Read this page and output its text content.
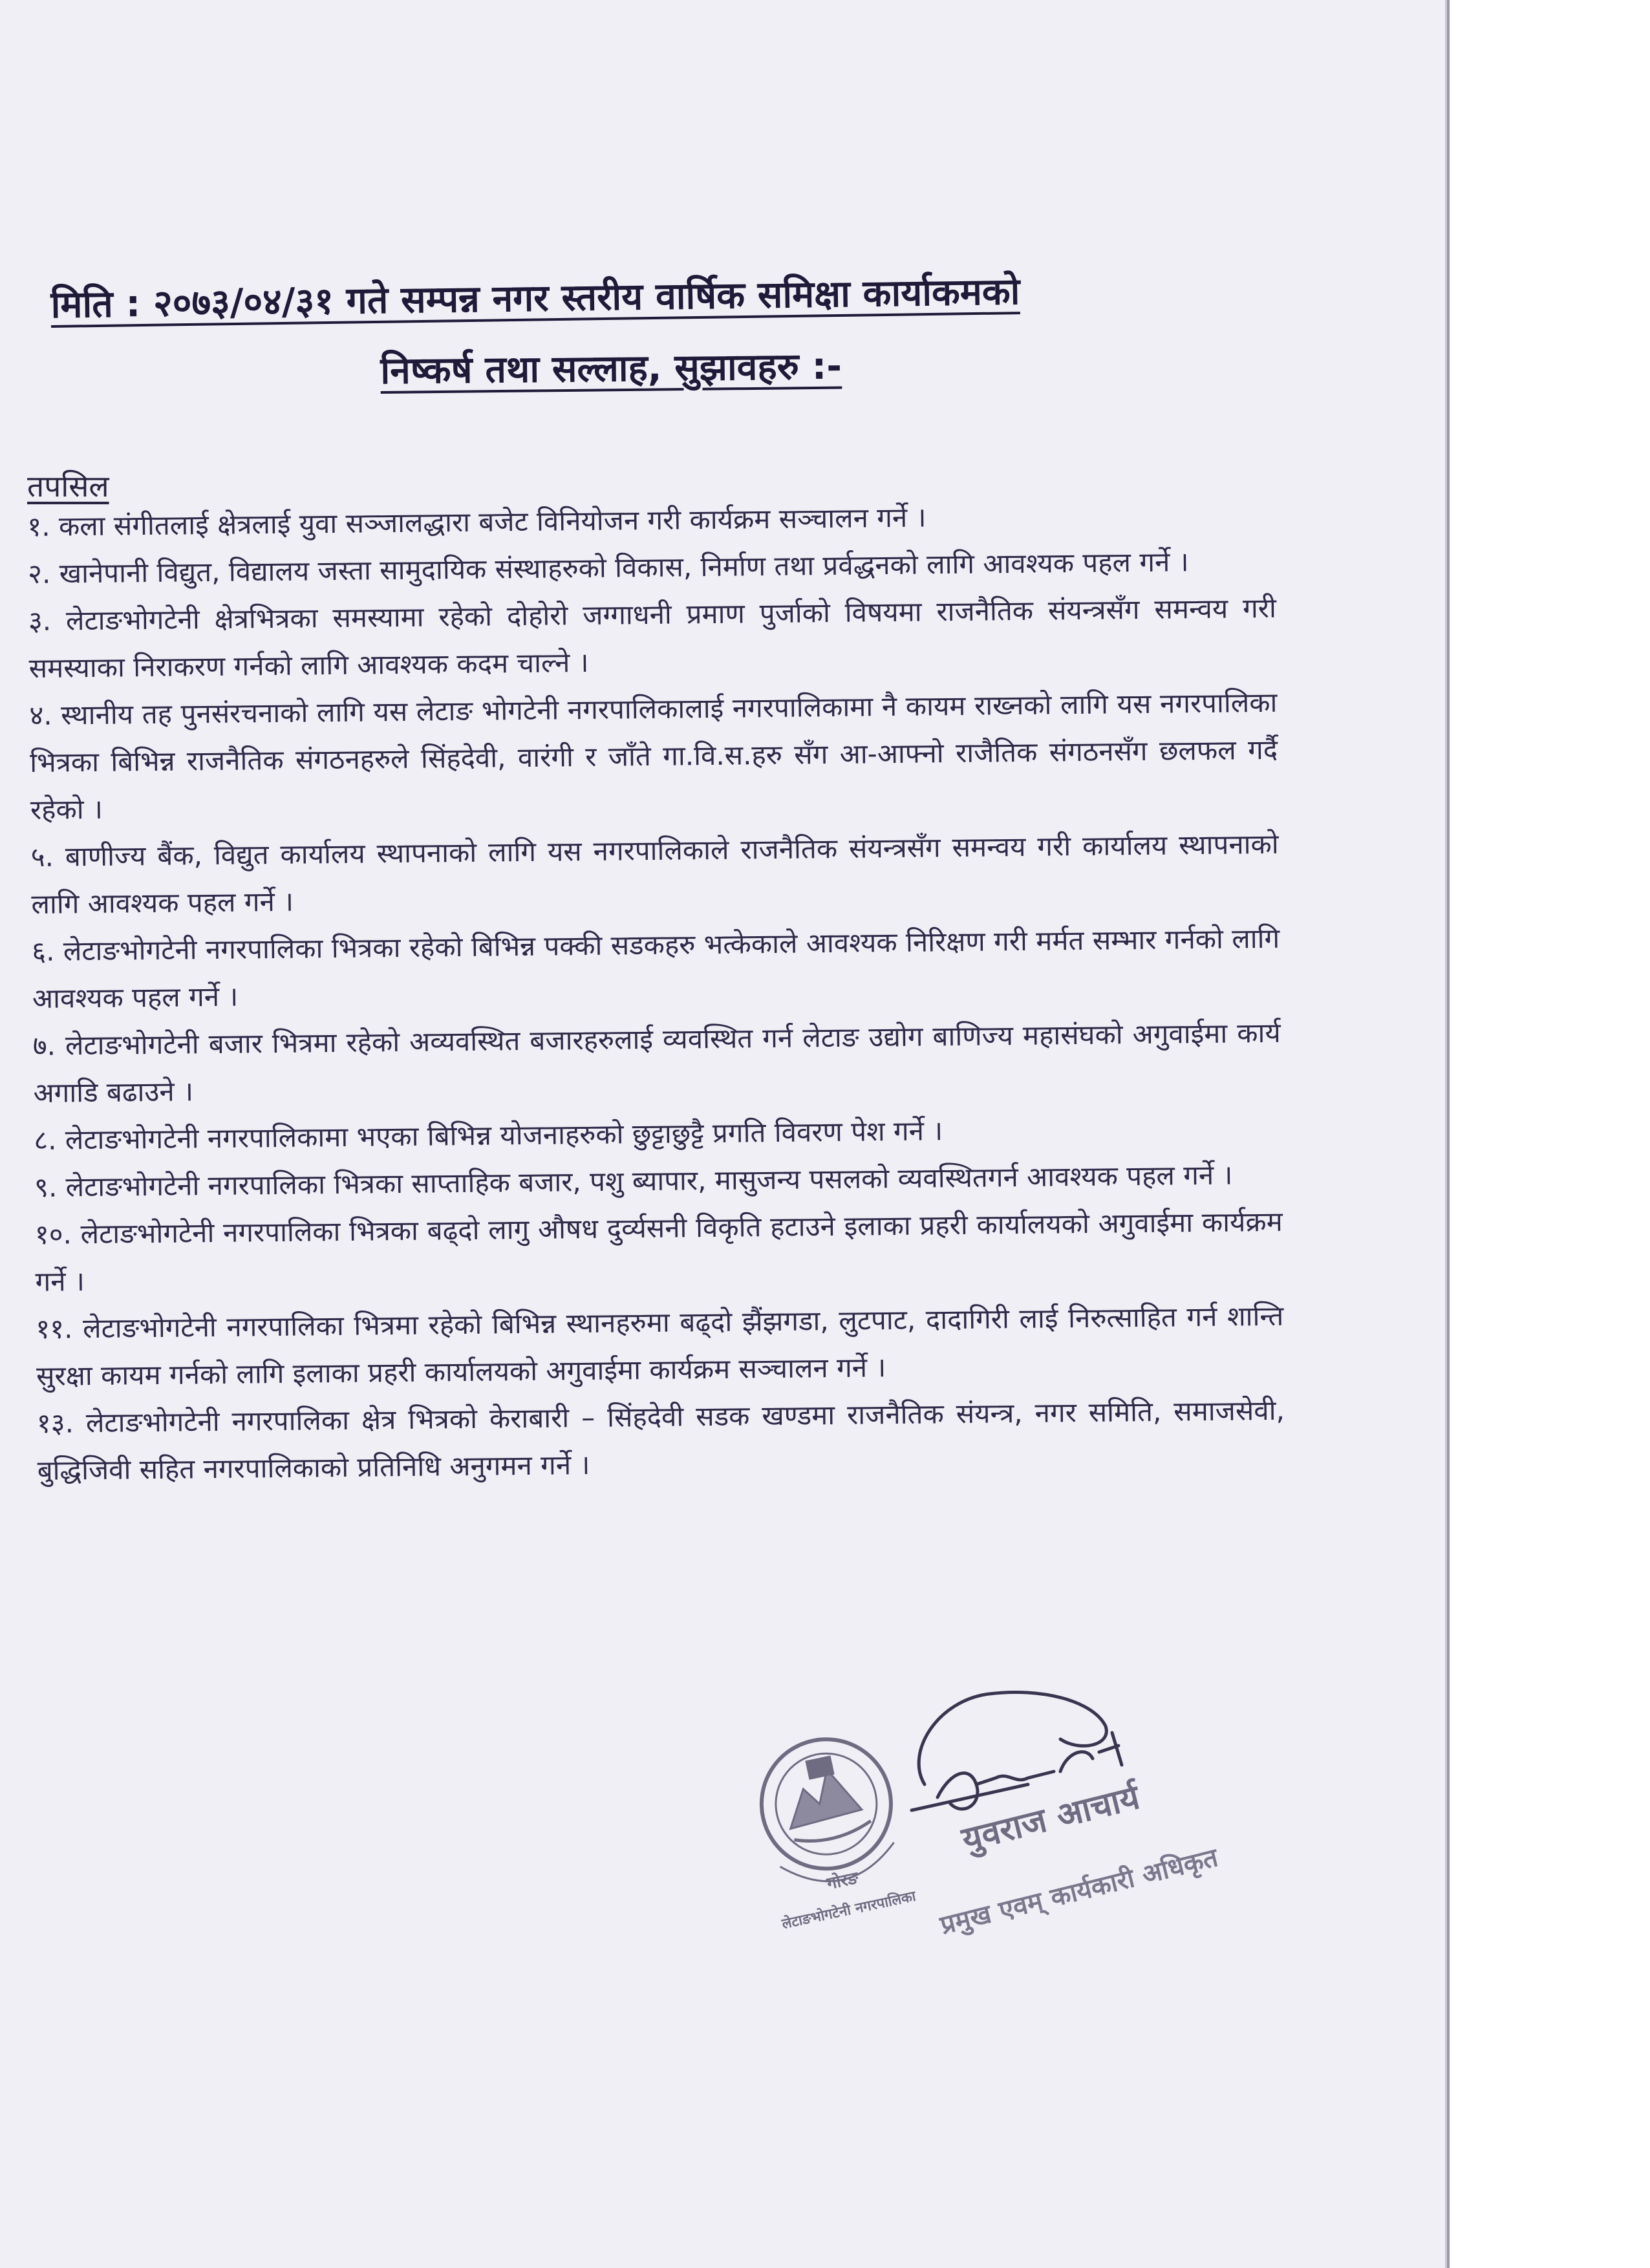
मिति : २०७३/०४/३१ गते सम्पन्न नगर स्तरीय वार्षिक समिक्षा कार्याकमको
निष्कर्ष तथा सल्लाह, सुझावहरु :-
तपसिल

१. कला संगीतलाई क्षेत्रलाई युवा सञ्जालद्धारा बजेट विनियोजन गरी कार्यक्रम सञ्चालन गर्ने ।

२. खानेपानी विद्युत, विद्यालय जस्ता सामुदायिक संस्थाहरुको विकास, निर्माण तथा प्रर्वद्धनको लागि आवश्यक पहल गर्ने ।

३. लेटाङभोगटेनी क्षेत्रभित्रका समस्यामा रहेको दोहोरो जग्गाधनी प्रमाण पुर्जाको विषयमा राजनैतिक संयन्त्रसँग समन्वय गरी समस्याका निराकरण गर्नको लागि आवश्यक कदम चाल्ने ।

४. स्थानीय तह पुनसंरचनाको लागि यस लेटाङ भोगटेनी नगरपालिकालाई नगरपालिकामा नै कायम राख्नको लागि यस नगरपालिका भित्रका बिभिन्न राजनैतिक संगठनहरुले सिंहदेवी, वारंगी र जाँते गा.वि.स.हरु सँग आ-आफ्नो राजैतिक संगठनसँग छलफल गर्दै रहेको ।

५. बाणीज्य बैंक, विद्युत कार्यालय स्थापनाको लागि यस नगरपालिकाले राजनैतिक संयन्त्रसँग समन्वय गरी कार्यालय स्थापनाको लागि आवश्यक पहल गर्ने ।

६. लेटाङभोगटेनी नगरपालिका भित्रका रहेको बिभिन्न पक्की सडकहरु भत्केकाले आवश्यक निरिक्षण गरी मर्मत सम्भार गर्नको लागि आवश्यक पहल गर्ने ।

७. लेटाङभोगटेनी बजार भित्रमा रहेको अव्यवस्थित बजारहरुलाई व्यवस्थित गर्न लेटाङ उद्योग बाणिज्य महासंघको अगुवाईमा कार्य अगाडि बढाउने ।

८. लेटाङभोगटेनी नगरपालिकामा भएका बिभिन्न योजनाहरुको छुट्टाछुट्टै प्रगति विवरण पेश गर्ने ।

९. लेटाङभोगटेनी नगरपालिका भित्रका साप्ताहिक बजार, पशु ब्यापार, मासुजन्य पसलको व्यवस्थितगर्न आवश्यक पहल गर्ने ।

१०. लेटाङभोगटेनी नगरपालिका भित्रका बढ्दो लागु औषध दुर्व्यसनी विकृति हटाउने इलाका प्रहरी कार्यालयको अगुवाईमा कार्यक्रम गर्ने ।

११. लेटाङभोगटेनी नगरपालिका भित्रमा रहेको बिभिन्न स्थानहरुमा बढ्दो झैंझगडा, लुटपाट, दादागिरी लाई निरुत्साहित गर्न शान्ति सुरक्षा कायम गर्नको लागि इलाका प्रहरी कार्यालयको अगुवाईमा कार्यक्रम सञ्चालन गर्ने ।

१३. लेटाङभोगटेनी नगरपालिका क्षेत्र भित्रको केराबारी – सिंहदेवी सडक खण्डमा राजनैतिक संयन्त्र, नगर समिति, समाजसेवी, बुद्धिजिवी सहित नगरपालिकाको प्रतिनिधि अनुगमन गर्ने ।

गोरङ
लेटाङभोगटेनी नगरपालिका
युवराज आचार्य
प्रमुख एवम् कार्यकारी अधिकृत
